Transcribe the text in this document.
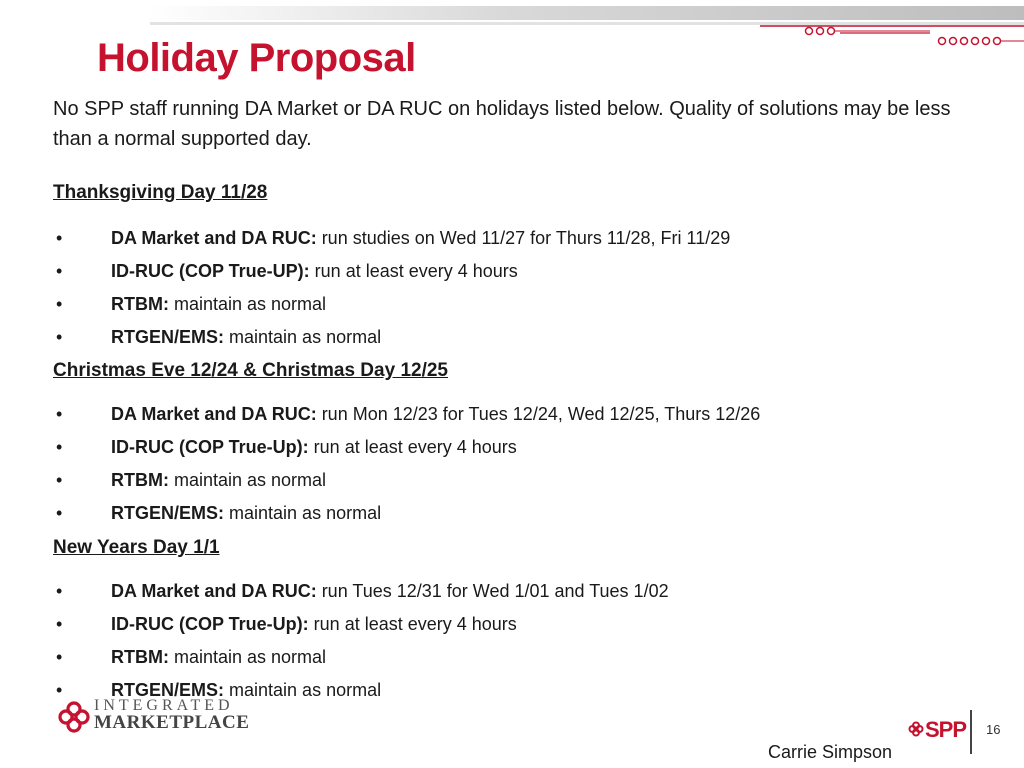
Holiday Proposal
No SPP staff running DA Market or DA RUC on holidays listed below. Quality of solutions may be less than a normal supported day.
Thanksgiving Day 11/28
•	DA Market and DA RUC: run studies on Wed 11/27 for Thurs 11/28, Fri 11/29
•	ID-RUC (COP True-UP): run at least every 4 hours
•	RTBM: maintain as normal
•	RTGEN/EMS: maintain as normal
Christmas Eve 12/24 & Christmas Day 12/25
•	DA Market and DA RUC: run Mon 12/23 for Tues 12/24, Wed 12/25, Thurs 12/26
•	ID-RUC (COP True-Up): run at least every 4 hours
•	RTBM: maintain as normal
•	RTGEN/EMS: maintain as normal
New Years Day 1/1
•	DA Market and DA RUC: run Tues 12/31 for Wed 1/01 and Tues 1/02
•	ID-RUC (COP True-Up): run at least every 4 hours
•	RTBM: maintain as normal
•	RTGEN/EMS: maintain as normal
INTEGRATED
MARKETPLACE	SPP 16
Carrie Simpson
